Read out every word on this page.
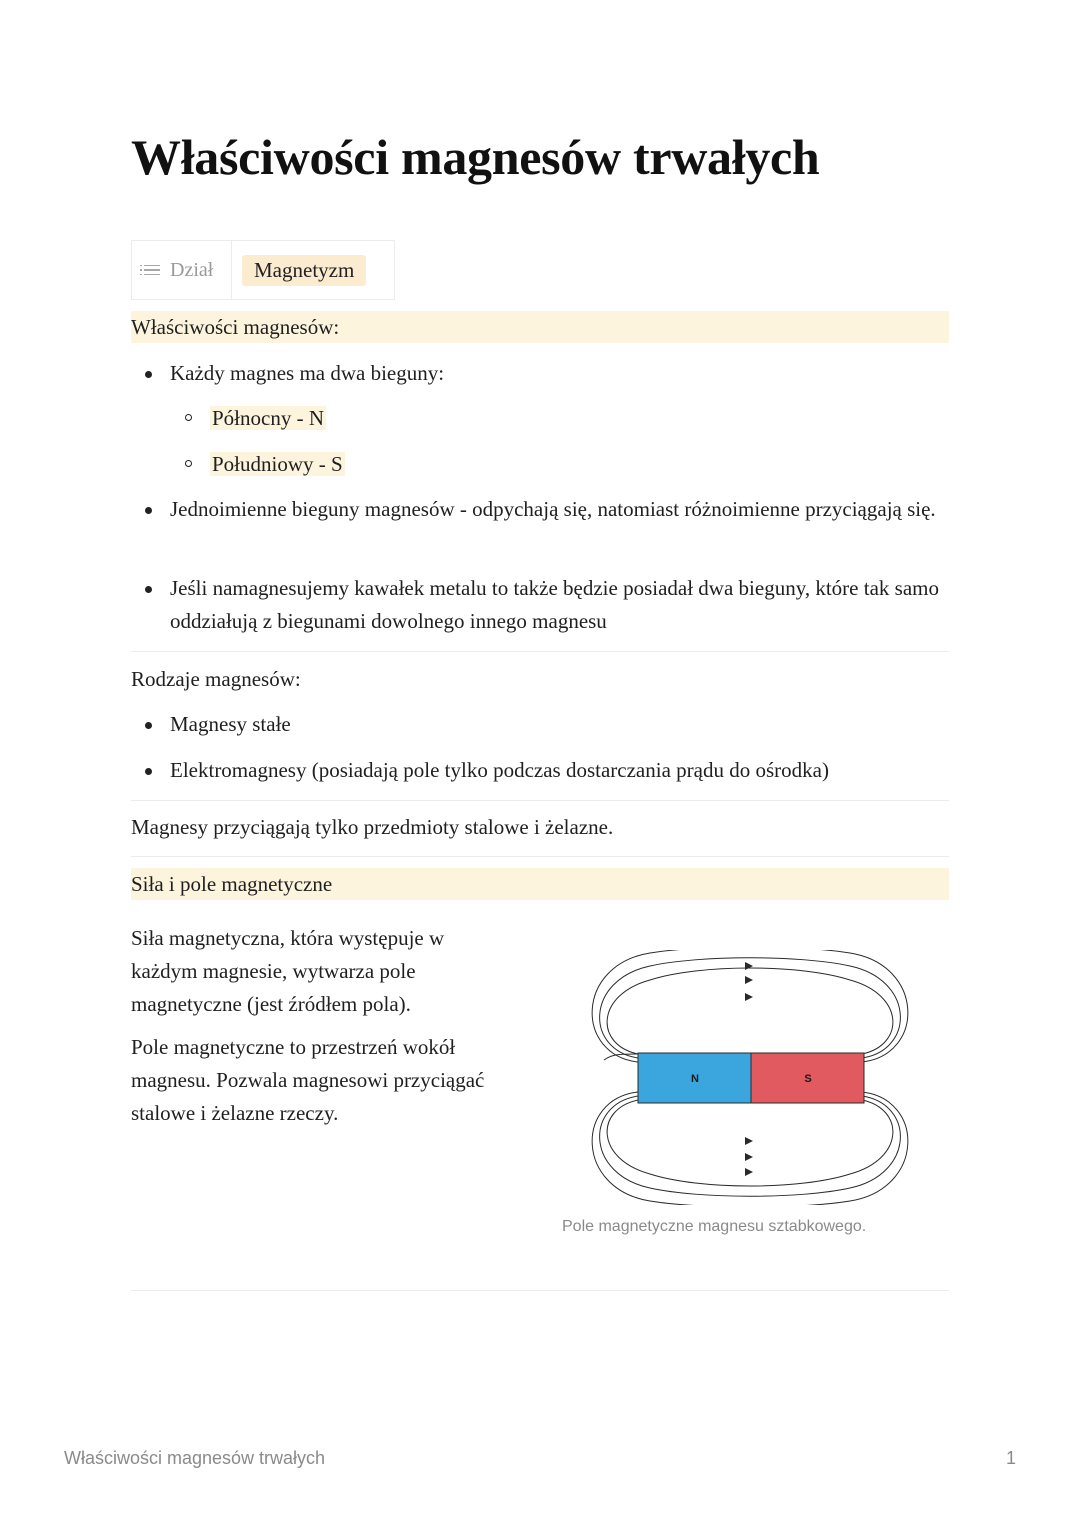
Właściwości magnesów trwałych
Dział	Magnetyzm
Właściwości magnesów:
Każdy magnes ma dwa bieguny:
Północny - N
Południowy - S
Jednoimienne bieguny magnesów - odpychają się, natomiast różnoimienne przyciągają się.
Jeśli namagnesujemy kawałek metalu to także będzie posiadał dwa bieguny, które tak samo oddziałują z biegunami dowolnego innego magnesu
Rodzaje magnesów:
Magnesy stałe
Elektromagnesy (posiadają pole tylko podczas dostarczania prądu do ośrodka)
Magnesy przyciągają tylko przedmioty stalowe i żelazne.
Siła i pole magnetyczne
Siła magnetyczna, która występuje w każdym magnesie, wytwarza pole magnetyczne (jest źródłem pola).
Pole magnetyczne to przestrzeń wokół magnesu. Pozwala magnesowi przyciągać stalowe i żelazne rzeczy.
N	S
Pole magnetyczne magnesu sztabkowego.
Właściwości magnesów trwałych	1
